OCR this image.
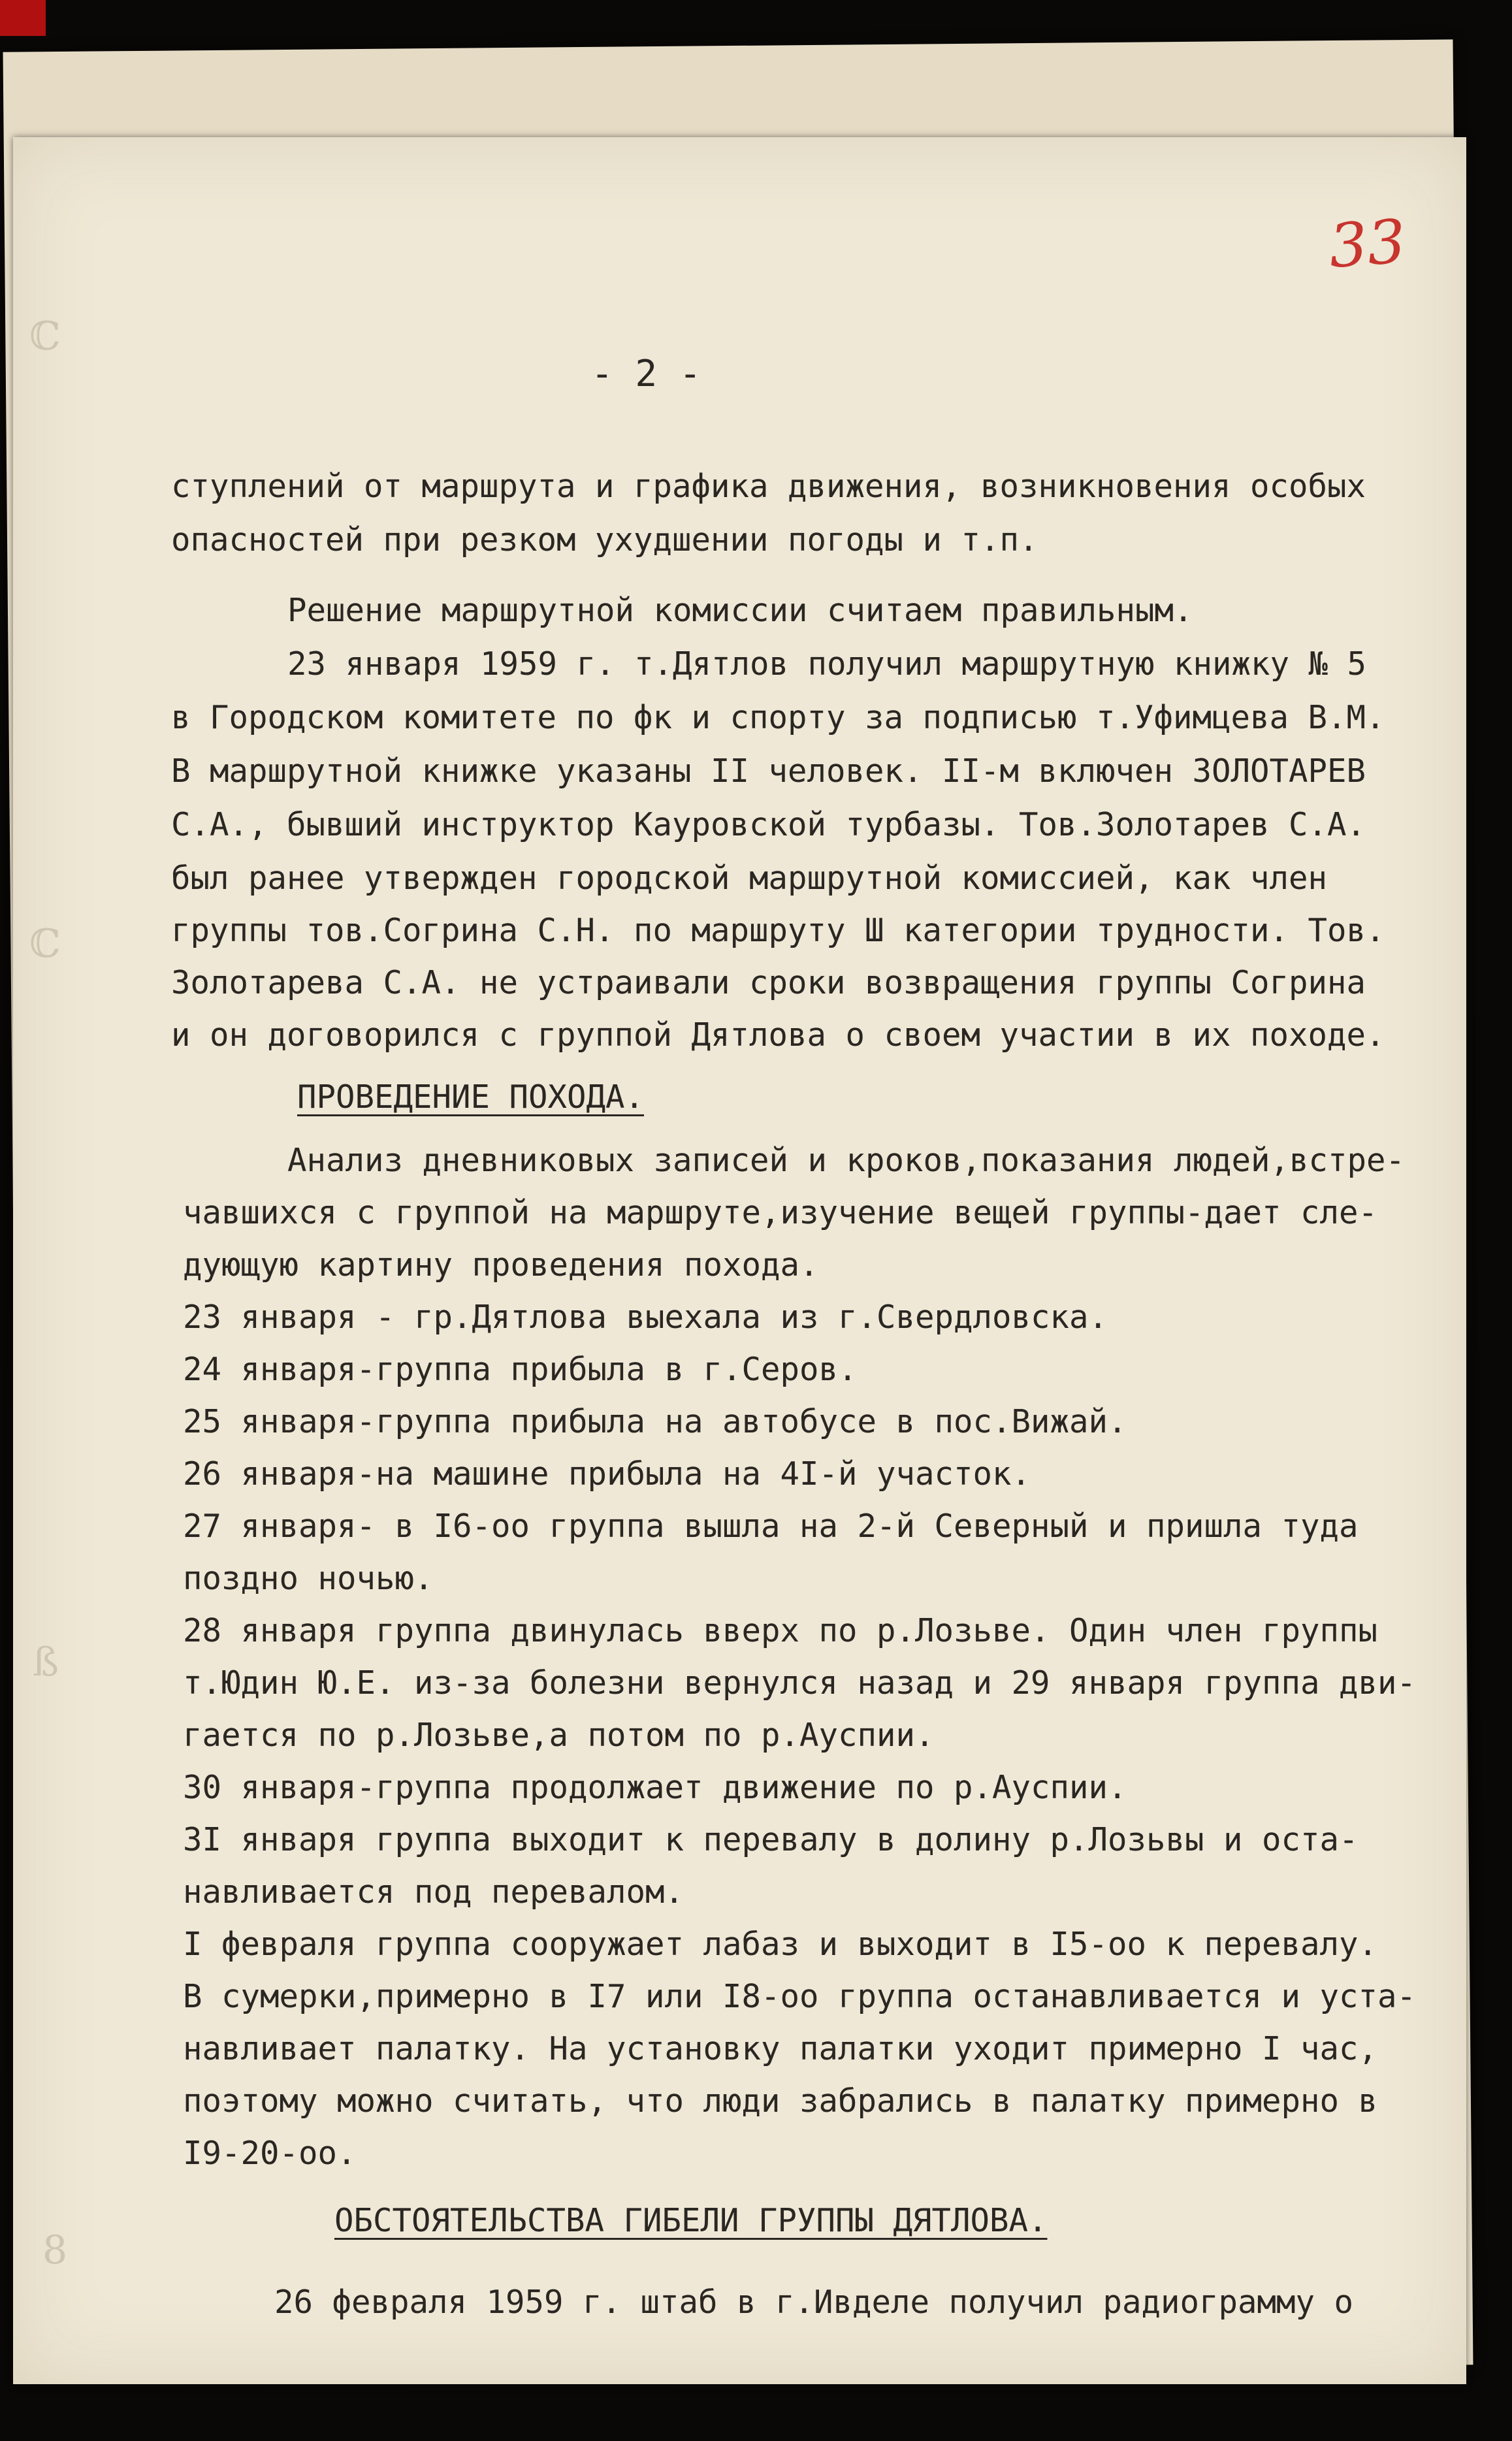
ℂ
ℂ
ß
8
33
- 2 -
ступлений от маршрута и графика движения, возникновения особых
опасностей при резком ухудшении погоды и т.п.
Решение маршрутной комиссии считаем правильным.
23 января 1959 г. т.Дятлов получил маршрутную книжку № 5
в Городском комитете по фк и спорту за подписью т.Уфимцева В.М.
В маршрутной книжке указаны II человек. II-м включен ЗОЛОТАРЕВ
С.А., бывший инструктор Кауровской турбазы. Тов.Золотарев С.А.
был ранее утвержден городской маршрутной комиссией, как член
группы тов.Согрина С.Н. по маршруту Ш категории трудности. Тов.
Золотарева С.А. не устраивали сроки возвращения группы Согрина
и он договорился с группой Дятлова о своем участии в их походе.
ПРОВЕДЕНИЕ ПОХОДА.
Анализ дневниковых записей и кроков,показания людей,встре-
чавшихся с группой на маршруте,изучение вещей группы-дает сле-
дующую картину проведения похода.
23 января - гр.Дятлова выехала из г.Свердловска.
24 января-группа прибыла в г.Серов.
25 января-группа прибыла на автобусе в пос.Вижай.
26 января-на машине прибыла на 4I-й участок.
27 января- в I6-оо группа вышла на 2-й Северный и пришла туда
поздно ночью.
28 января группа двинулась вверх по р.Лозьве. Один член группы
т.Юдин Ю.Е. из-за болезни вернулся назад и 29 января группа дви-
гается по р.Лозьве,а потом по р.Ауспии.
30 января-группа продолжает движение по р.Ауспии.
3I января группа выходит к перевалу в долину р.Лозьвы и оста-
навливается под перевалом.
I февраля группа сооружает лабаз и выходит в I5-оо к перевалу.
В сумерки,примерно в I7 или I8-оо группа останавливается и уста-
навливает палатку. На установку палатки уходит примерно I час,
поэтому можно считать, что люди забрались в палатку примерно в
I9-20-оо.
ОБСТОЯТЕЛЬСТВА ГИБЕЛИ ГРУППЫ ДЯТЛОВА.
26 февраля 1959 г. штаб в г.Ивделе получил радиограмму о
